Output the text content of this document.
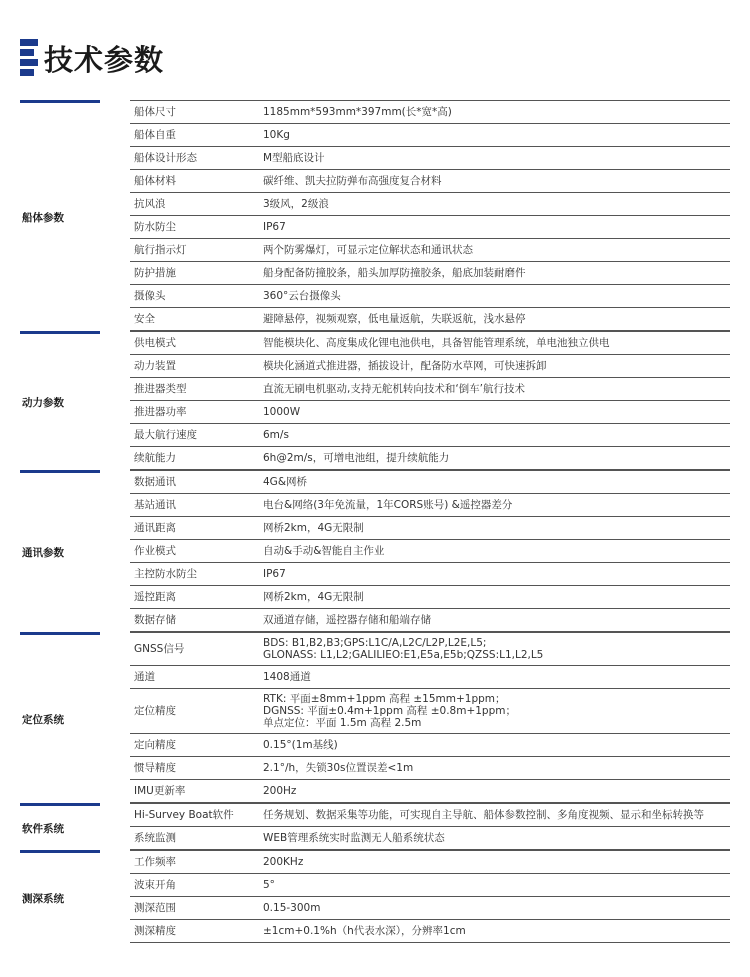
技术参数
船体参数
船体尺寸	1185mm*593mm*397mm(长*宽*高)
船体自重	10Kg
船体设计形态	M型船底设计
船体材料	碳纤维、凯夫拉防弹布高强度复合材料
抗风浪	3级风，2级浪
防水防尘	IP67
航行指示灯	两个防雾爆灯，可显示定位解状态和通讯状态
防护措施	船身配备防撞胶条，船头加厚防撞胶条，船底加装耐磨件
摄像头	360°云台摄像头
安全	避障悬停，视频观察，低电量返航，失联返航，浅水悬停
动力参数
供电模式	智能模块化、高度集成化锂电池供电，具备智能管理系统，单电池独立供电
动力装置	模块化涵道式推进器，插拔设计，配备防水草网，可快速拆卸
推进器类型	直流无刷电机驱动,支持无舵机转向技术和‘倒车’航行技术
推进器功率	1000W
最大航行速度	6m/s
续航能力	6h@2m/s，可增电池组，提升续航能力
通讯参数
数据通讯	4G&网桥
基站通讯	电台&网络(3年免流量，1年CORS账号) &遥控器差分
通讯距离	网桥2km，4G无限制
作业模式	自动&手动&智能自主作业
主控防水防尘	IP67
遥控距离	网桥2km，4G无限制
数据存储	双通道存储，遥控器存储和船端存储
定位系统
GNSS信号	BDS: B1,B2,B3;GPS:L1C/A,L2C/L2P,L2E,L5;
GLONASS: L1,L2;GALILIEO:E1,E5a,E5b;QZSS:L1,L2,L5
通道	1408通道
定位精度
RTK: 平面±8mm+1ppm 高程 ±15mm+1ppm；
DGNSS: 平面±0.4m+1ppm 高程 ±0.8m+1ppm；
单点定位：平面 1.5m 高程 2.5m
定向精度	0.15°(1m基线)
惯导精度	2.1°/h，失锁30s位置误差<1m
IMU更新率	200Hz
软件系统
Hi-Survey Boat软件	任务规划、数据采集等功能，可实现自主导航、船体参数控制、多角度视频、显示和坐标转换等
系统监测	WEB管理系统实时监测无人船系统状态
测深系统
工作频率	200KHz
波束开角	5°
测深范围	0.15-300m
测深精度	±1cm+0.1%h（h代表水深），分辨率1cm
